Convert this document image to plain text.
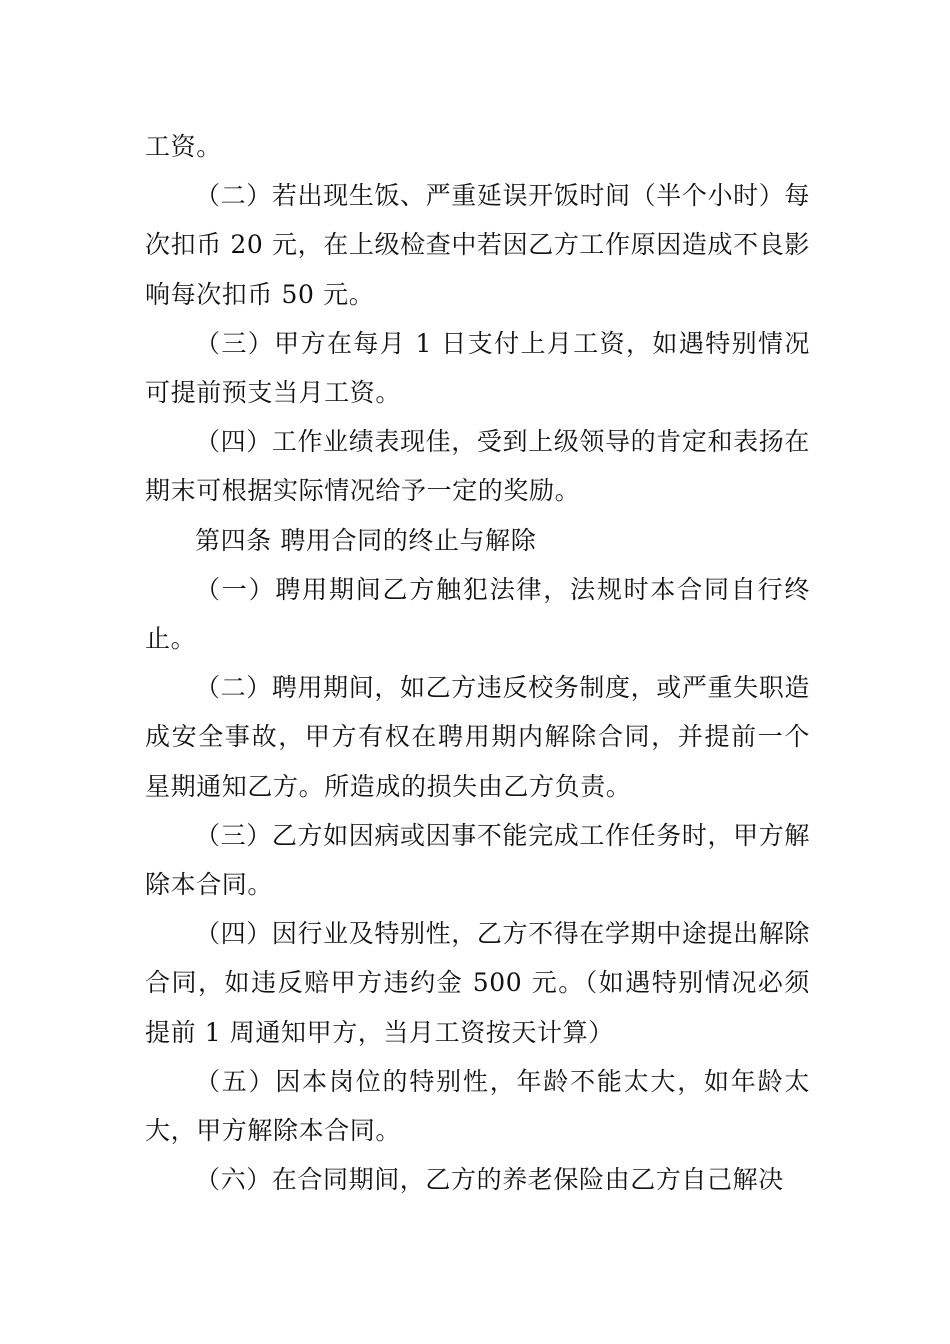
工资。

（二）若出现生饭、严重延误开饭时间（半个小时）每次扣币 20 元，在上级检查中若因乙方工作原因造成不良影响每次扣币 50 元。

（三）甲方在每月 1 日支付上月工资，如遇特别情况可提前预支当月工资。

（四）工作业绩表现佳，受到上级领导的肯定和表扬在期末可根据实际情况给予一定的奖励。

第四条 聘用合同的终止与解除

（一）聘用期间乙方触犯法律，法规时本合同自行终止。

（二）聘用期间，如乙方违反校务制度，或严重失职造成安全事故，甲方有权在聘用期内解除合同，并提前一个星期通知乙方。所造成的损失由乙方负责。

（三）乙方如因病或因事不能完成工作任务时，甲方解除本合同。

（四）因行业及特别性，乙方不得在学期中途提出解除合同，如违反赔甲方违约金 500 元。（如遇特别情况必须提前 1 周通知甲方，当月工资按天计算）

（五）因本岗位的特别性，年龄不能太大，如年龄太大，甲方解除本合同。

（六）在合同期间，乙方的养老保险由乙方自己解决
